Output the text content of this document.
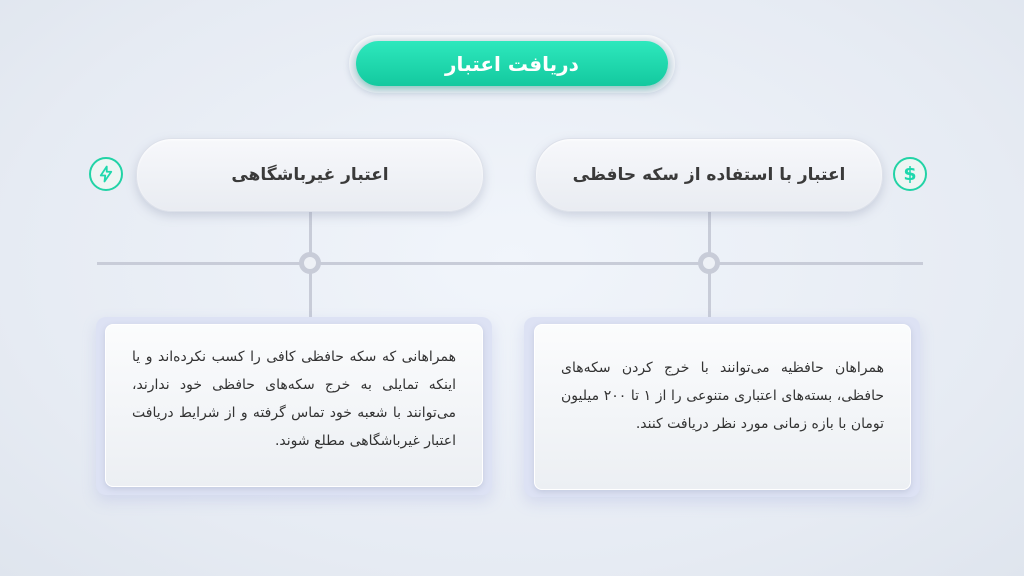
دریافت اعتبار
اعتبار غیرباشگاهی	اعتبار با استفاده از سکه حافظی	$
همراهانی که سکه حافظی کافی را کسب نکرده‌اند و یا اینکه تمایلی به خرج سکه‌های حافظی خود ندارند، می‌توانند با شعبه خود تماس گرفته و از شرایط دریافت اعتبار غیرباشگاهی مطلع شوند.
همراهان حافظیه می‌توانند با خرج کردن سکه‌های حافظی، بسته‌های اعتباری متنوعی را از ۱ تا ۲۰۰ میلیون تومان با بازه زمانی مورد نظر دریافت کنند.
